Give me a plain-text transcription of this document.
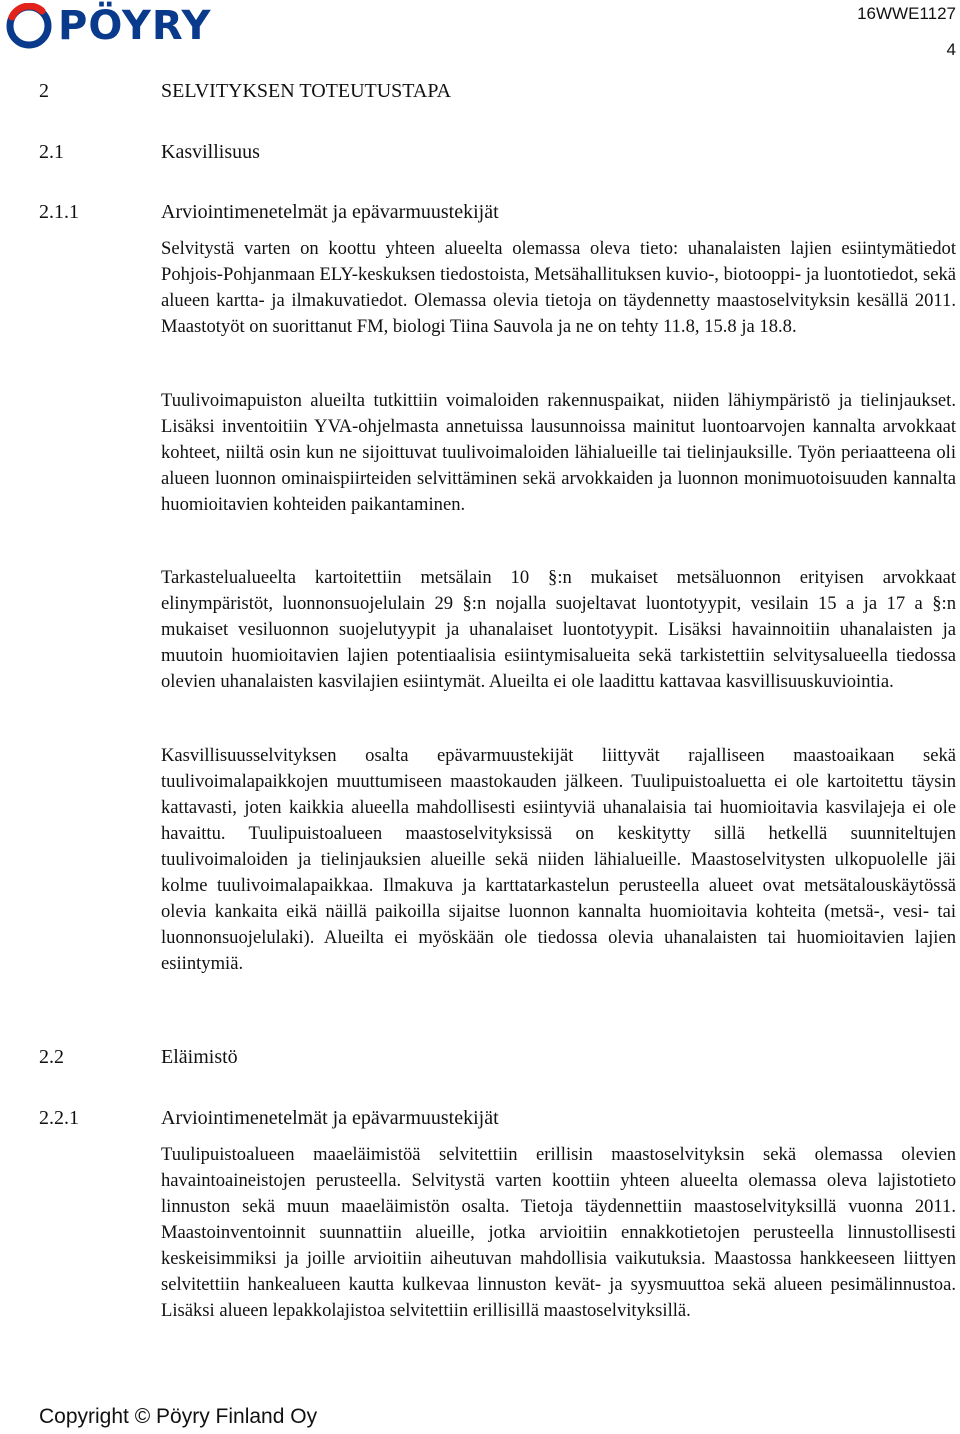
PÖYRY	16WWE1127
4
2	SELVITYKSEN TOTEUTUSTAPA
2.1	Kasvillisuus
2.1.1	Arviointimenetelmät ja epävarmuustekijät

Selvitystä varten on koottu yhteen alueelta olemassa oleva tieto: uhanalaisten lajien esiintymätiedot Pohjois-Pohjanmaan ELY-keskuksen tiedostoista, Metsähallituksen kuvio-, biotooppi- ja luontotiedot, sekä alueen kartta- ja ilmakuvatiedot. Olemassa olevia tietoja on täydennetty maastoselvityksin kesällä 2011. Maastotyöt on suorittanut FM, biologi Tiina Sauvola ja ne on tehty 11.8, 15.8 ja 18.8.

Tuulivoimapuiston alueilta tutkittiin voimaloiden rakennuspaikat, niiden lähiympäristö ja tielinjaukset. Lisäksi inventoitiin YVA-ohjelmasta annetuissa lausunnoissa mainitut luontoarvojen kannalta arvokkaat kohteet, niiltä osin kun ne sijoittuvat tuulivoimaloiden lähialueille tai tielinjauksille. Työn periaatteena oli alueen luonnon ominaispiirteiden selvittäminen sekä arvokkaiden ja luonnon monimuotoisuuden kannalta huomioitavien kohteiden paikantaminen.

Tarkastelualueelta kartoitettiin metsälain 10 §:n mukaiset metsäluonnon erityisen arvokkaat elinympäristöt, luonnonsuojelulain 29 §:n nojalla suojeltavat luontotyypit, vesilain 15 a ja 17 a §:n mukaiset vesiluonnon suojelutyypit ja uhanalaiset luontotyypit. Lisäksi havainnoitiin uhanalaisten ja muutoin huomioitavien lajien potentiaalisia esiintymisalueita sekä tarkistettiin selvitysalueella tiedossa olevien uhanalaisten kasvilajien esiintymät. Alueilta ei ole laadittu kattavaa kasvillisuuskuviointia.

Kasvillisuusselvityksen osalta epävarmuustekijät liittyvät rajalliseen maastoaikaan sekä tuulivoimalapaikkojen muuttumiseen maastokauden jälkeen. Tuulipuistoaluetta ei ole kartoitettu täysin kattavasti, joten kaikkia alueella mahdollisesti esiintyviä uhanalaisia tai huomioitavia kasvilajeja ei ole havaittu. Tuulipuistoalueen maastoselvityksissä on keskitytty sillä hetkellä suunniteltujen tuulivoimaloiden ja tielinjauksien alueille sekä niiden lähialueille. Maastoselvitysten ulkopuolelle jäi kolme tuulivoimalapaikkaa. Ilmakuva ja karttatarkastelun perusteella alueet ovat metsätalouskäytössä olevia kankaita eikä näillä paikoilla sijaitse luonnon kannalta huomioitavia kohteita (metsä-, vesi- tai luonnonsuojelulaki). Alueilta ei myöskään ole tiedossa olevia uhanalaisten tai huomioitavien lajien esiintymiä.

2.2	Eläimistö
2.2.1	Arviointimenetelmät ja epävarmuustekijät

Tuulipuistoalueen maaeläimistöä selvitettiin erillisin maastoselvityksin sekä olemassa olevien havaintoaineistojen perusteella. Selvitystä varten koottiin yhteen alueelta olemassa oleva lajistotieto linnuston sekä muun maaeläimistön osalta. Tietoja täydennettiin maastoselvityksillä vuonna 2011. Maastoinventoinnit suunnattiin alueille, jotka arvioitiin ennakkotietojen perusteella linnustollisesti keskeisimmiksi ja joille arvioitiin aiheutuvan mahdollisia vaikutuksia. Maastossa hankkeeseen liittyen selvitettiin hankealueen kautta kulkevaa linnuston kevät- ja syysmuuttoa sekä alueen pesimälinnustoa. Lisäksi alueen lepakkolajistoa selvitettiin erillisillä maastoselvityksillä.

Copyright © Pöyry Finland Oy
